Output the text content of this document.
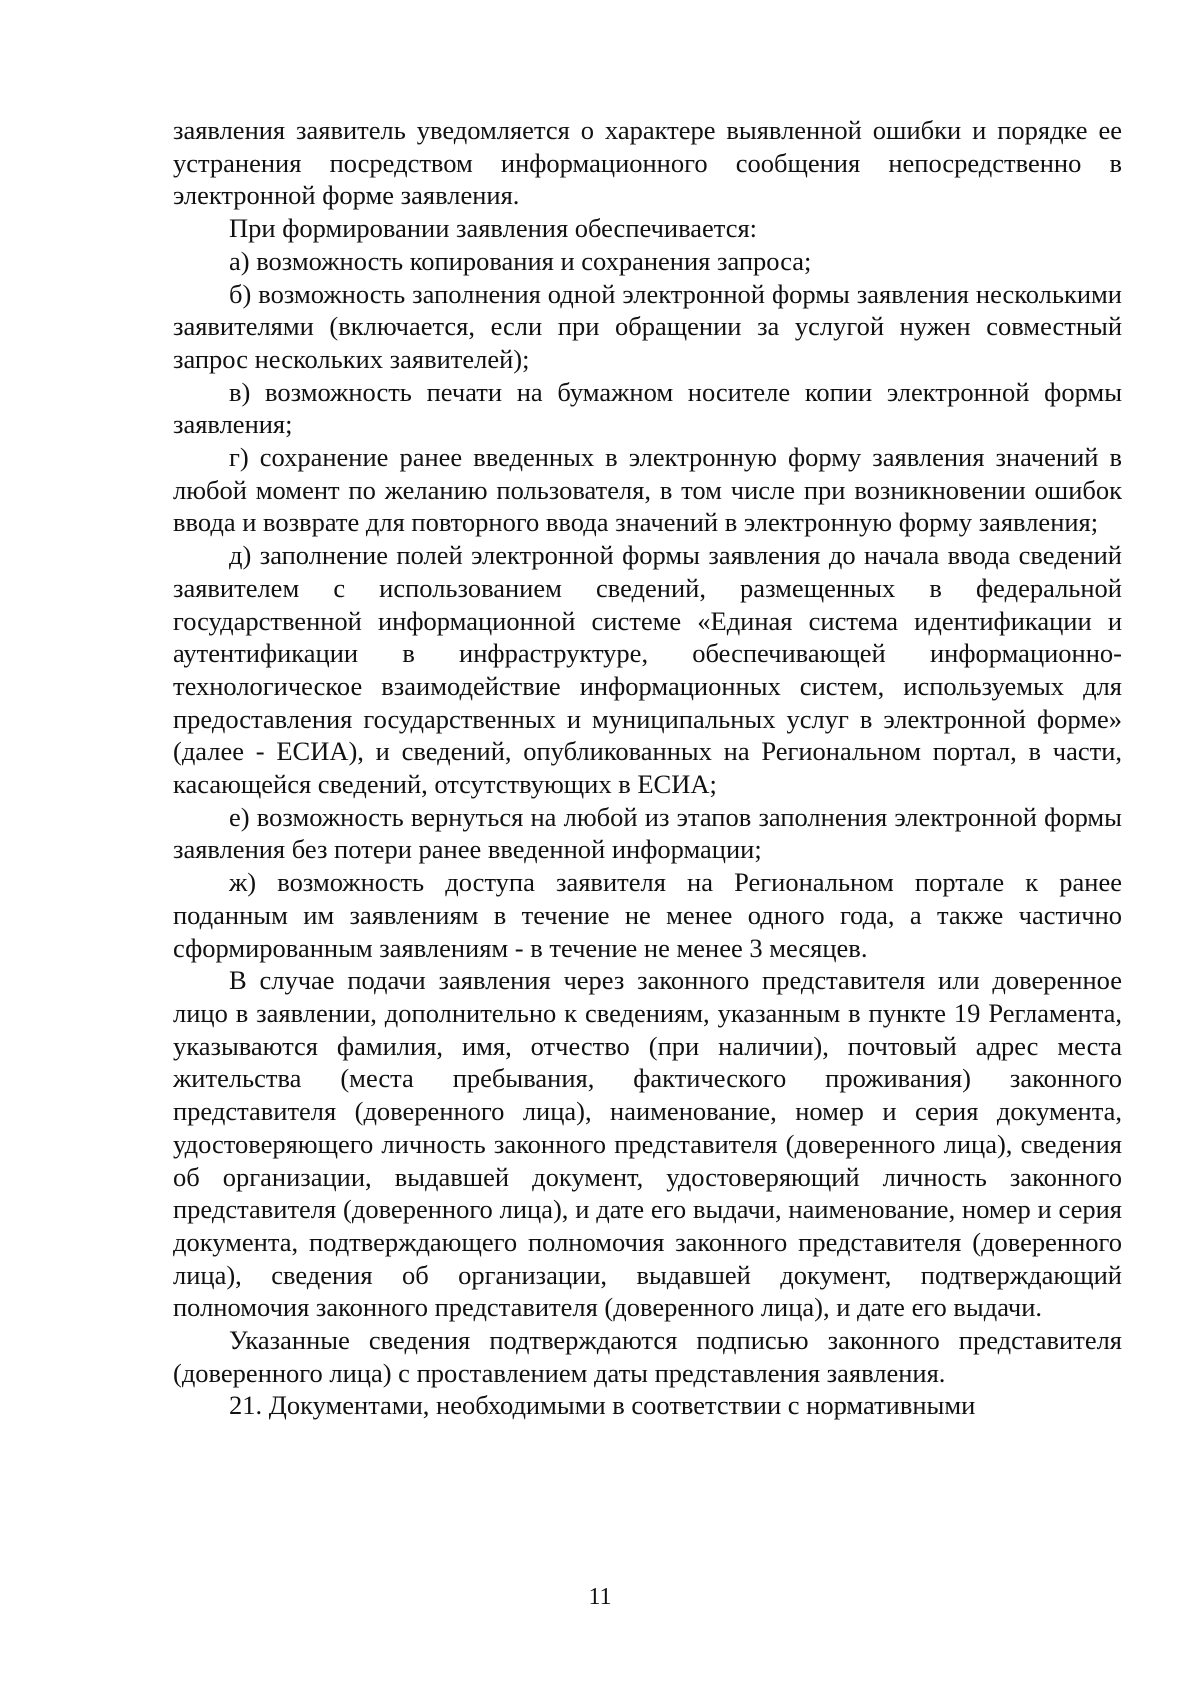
заявления заявитель уведомляется о характере выявленной ошибки и порядке ее устранения посредством информационного сообщения непосредственно в электронной форме заявления.

При формировании заявления обеспечивается:

а) возможность копирования и сохранения запроса;

б) возможность заполнения одной электронной формы заявления несколькими заявителями (включается, если при обращении за услугой нужен совместный запрос нескольких заявителей);

в) возможность печати на бумажном носителе копии электронной формы заявления;

г) сохранение ранее введенных в электронную форму заявления значений в любой момент по желанию пользователя, в том числе при возникновении ошибок ввода и возврате для повторного ввода значений в электронную форму заявления;

д) заполнение полей электронной формы заявления до начала ввода сведений заявителем с использованием сведений, размещенных в федеральной государственной информационной системе «Единая система идентификации и аутентификации в инфраструктуре, обеспечивающей информационно-технологическое взаимодействие информационных систем, используемых для предоставления государственных и муниципальных услуг в электронной форме» (далее - ЕСИА), и сведений, опубликованных на Региональном портал, в части, касающейся сведений, отсутствующих в ЕСИА;

е) возможность вернуться на любой из этапов заполнения электронной формы заявления без потери ранее введенной информации;

ж) возможность доступа заявителя на Региональном портале к ранее поданным им заявлениям в течение не менее одного года, а также частично сформированным заявлениям - в течение не менее 3 месяцев.

В случае подачи заявления через законного представителя или доверенное лицо в заявлении, дополнительно к сведениям, указанным в пункте 19 Регламента, указываются фамилия, имя, отчество (при наличии), почтовый адрес места жительства (места пребывания, фактического проживания) законного представителя (доверенного лица), наименование, номер и серия документа, удостоверяющего личность законного представителя (доверенного лица), сведения об организации, выдавшей документ, удостоверяющий личность законного представителя (доверенного лица), и дате его выдачи, наименование, номер и серия документа, подтверждающего полномочия законного представителя (доверенного лица), сведения об организации, выдавшей документ, подтверждающий полномочия законного представителя (доверенного лица), и дате его выдачи.

Указанные сведения подтверждаются подписью законного представителя (доверенного лица) с проставлением даты представления заявления.

21. Документами, необходимыми в соответствии с нормативными

11
